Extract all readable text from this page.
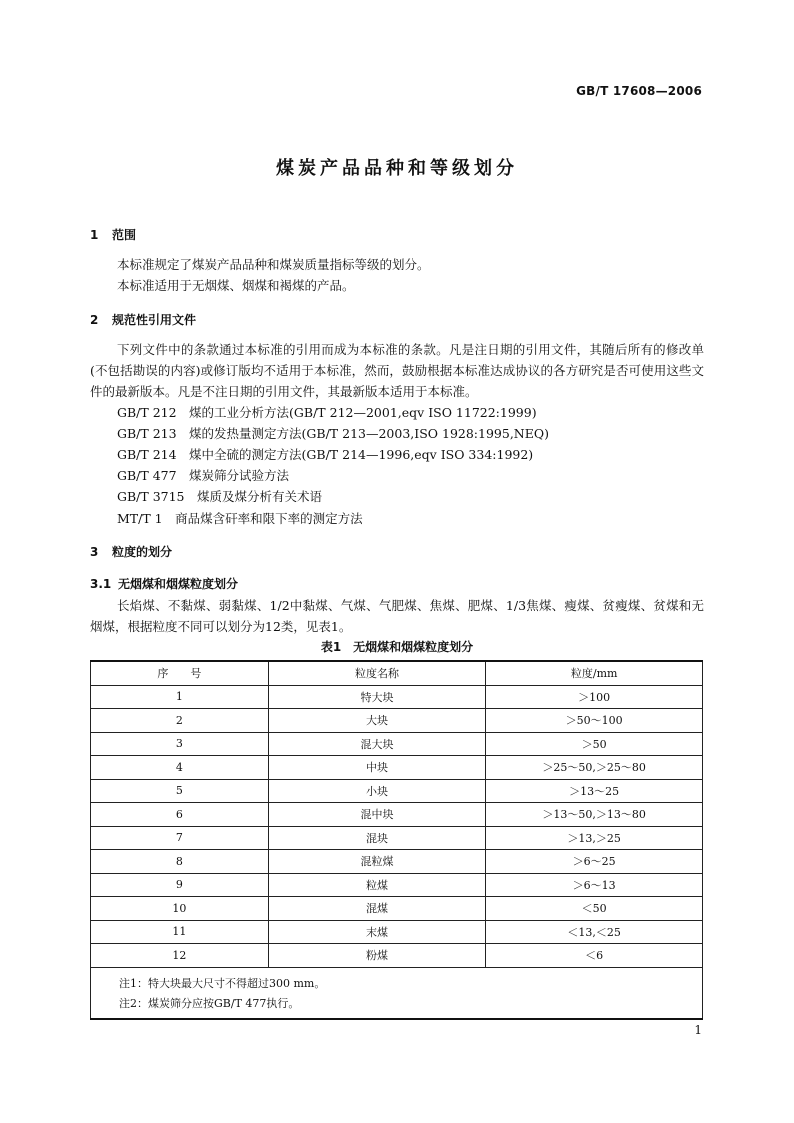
GB/T 17608—2006
煤炭产品品种和等级划分
1 范围
本标准规定了煤炭产品品种和煤炭质量指标等级的划分。
本标准适用于无烟煤、烟煤和褐煤的产品。
2 规范性引用文件
下列文件中的条款通过本标准的引用而成为本标准的条款。凡是注日期的引用文件，其随后所有的修改单(不包括勘误的内容)或修订版均不适用于本标准，然而，鼓励根据本标准达成协议的各方研究是否可使用这些文件的最新版本。凡是不注日期的引用文件，其最新版本适用于本标准。
GB/T 212　煤的工业分析方法(GB/T 212—2001,eqv ISO 11722:1999)
GB/T 213　煤的发热量测定方法(GB/T 213—2003,ISO 1928:1995,NEQ)
GB/T 214　煤中全硫的测定方法(GB/T 214—1996,eqv ISO 334:1992)
GB/T 477　煤炭筛分试验方法
GB/T 3715　煤质及煤分析有关术语
MT/T 1　商品煤含矸率和限下率的测定方法
3 粒度的划分
3.1 无烟煤和烟煤粒度划分
长焰煤、不黏煤、弱黏煤、1/2中黏煤、气煤、气肥煤、焦煤、肥煤、1/3焦煤、瘦煤、贫瘦煤、贫煤和无烟煤，根据粒度不同可以划分为12类，见表1。
表1　无烟煤和烟煤粒度划分
序　　号	粒度名称	粒度/mm
1	特大块	＞100
2	大块	＞50～100
3	混大块	＞50
4	中块	＞25～50,＞25～80
5	小块	＞13～25
6	混中块	＞13～50,＞13～80
7	混块	＞13,＞25
8	混粒煤	＞6～25
9	粒煤	＞6～13
10	混煤	＜50
11	末煤	＜13,＜25
12	粉煤	＜6

注1：特大块最大尺寸不得超过300 mm。
注2：煤炭筛分应按GB/T 477执行。		
1
